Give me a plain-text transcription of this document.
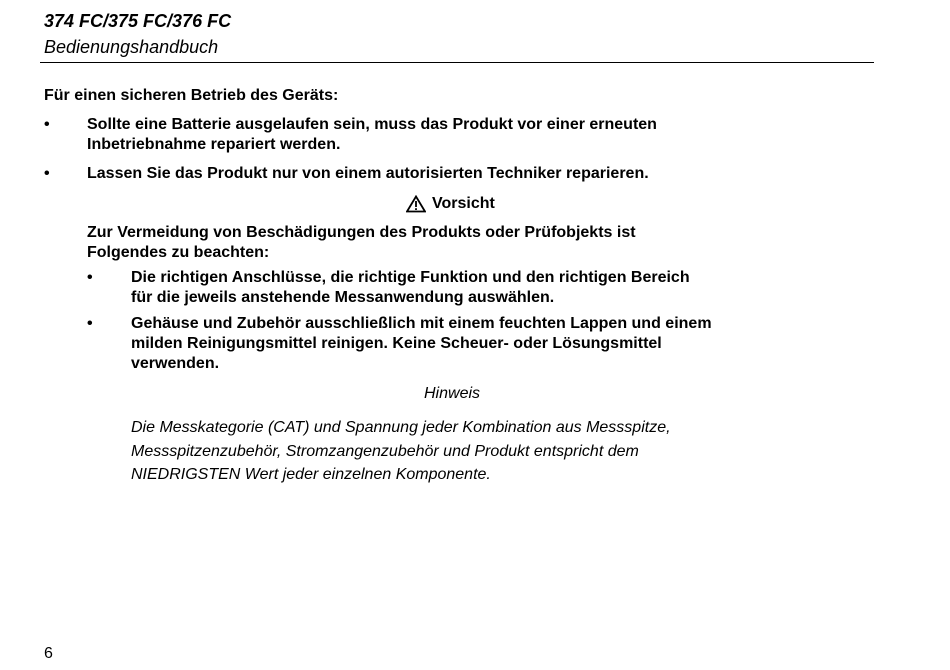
374 FC/375 FC/376 FC
Bedienungshandbuch
Für einen sicheren Betrieb des Geräts:
• Sollte eine Batterie ausgelaufen sein, muss das Produkt vor einer erneuten
Inbetriebnahme repariert werden.
• Lassen Sie das Produkt nur von einem autorisierten Techniker reparieren.
Vorsicht
Zur Vermeidung von Beschädigungen des Produkts oder Prüfobjekts ist
Folgendes zu beachten:
• Die richtigen Anschlüsse, die richtige Funktion und den richtigen Bereich
für die jeweils anstehende Messanwendung auswählen.
• Gehäuse und Zubehör ausschließlich mit einem feuchten Lappen und einem
milden Reinigungsmittel reinigen. Keine Scheuer- oder Lösungsmittel
verwenden.
Hinweis
Die Messkategorie (CAT) und Spannung jeder Kombination aus Messspitze,
Messspitzenzubehör, Stromzangenzubehör und Produkt entspricht dem
NIEDRIGSTEN Wert jeder einzelnen Komponente.
6
